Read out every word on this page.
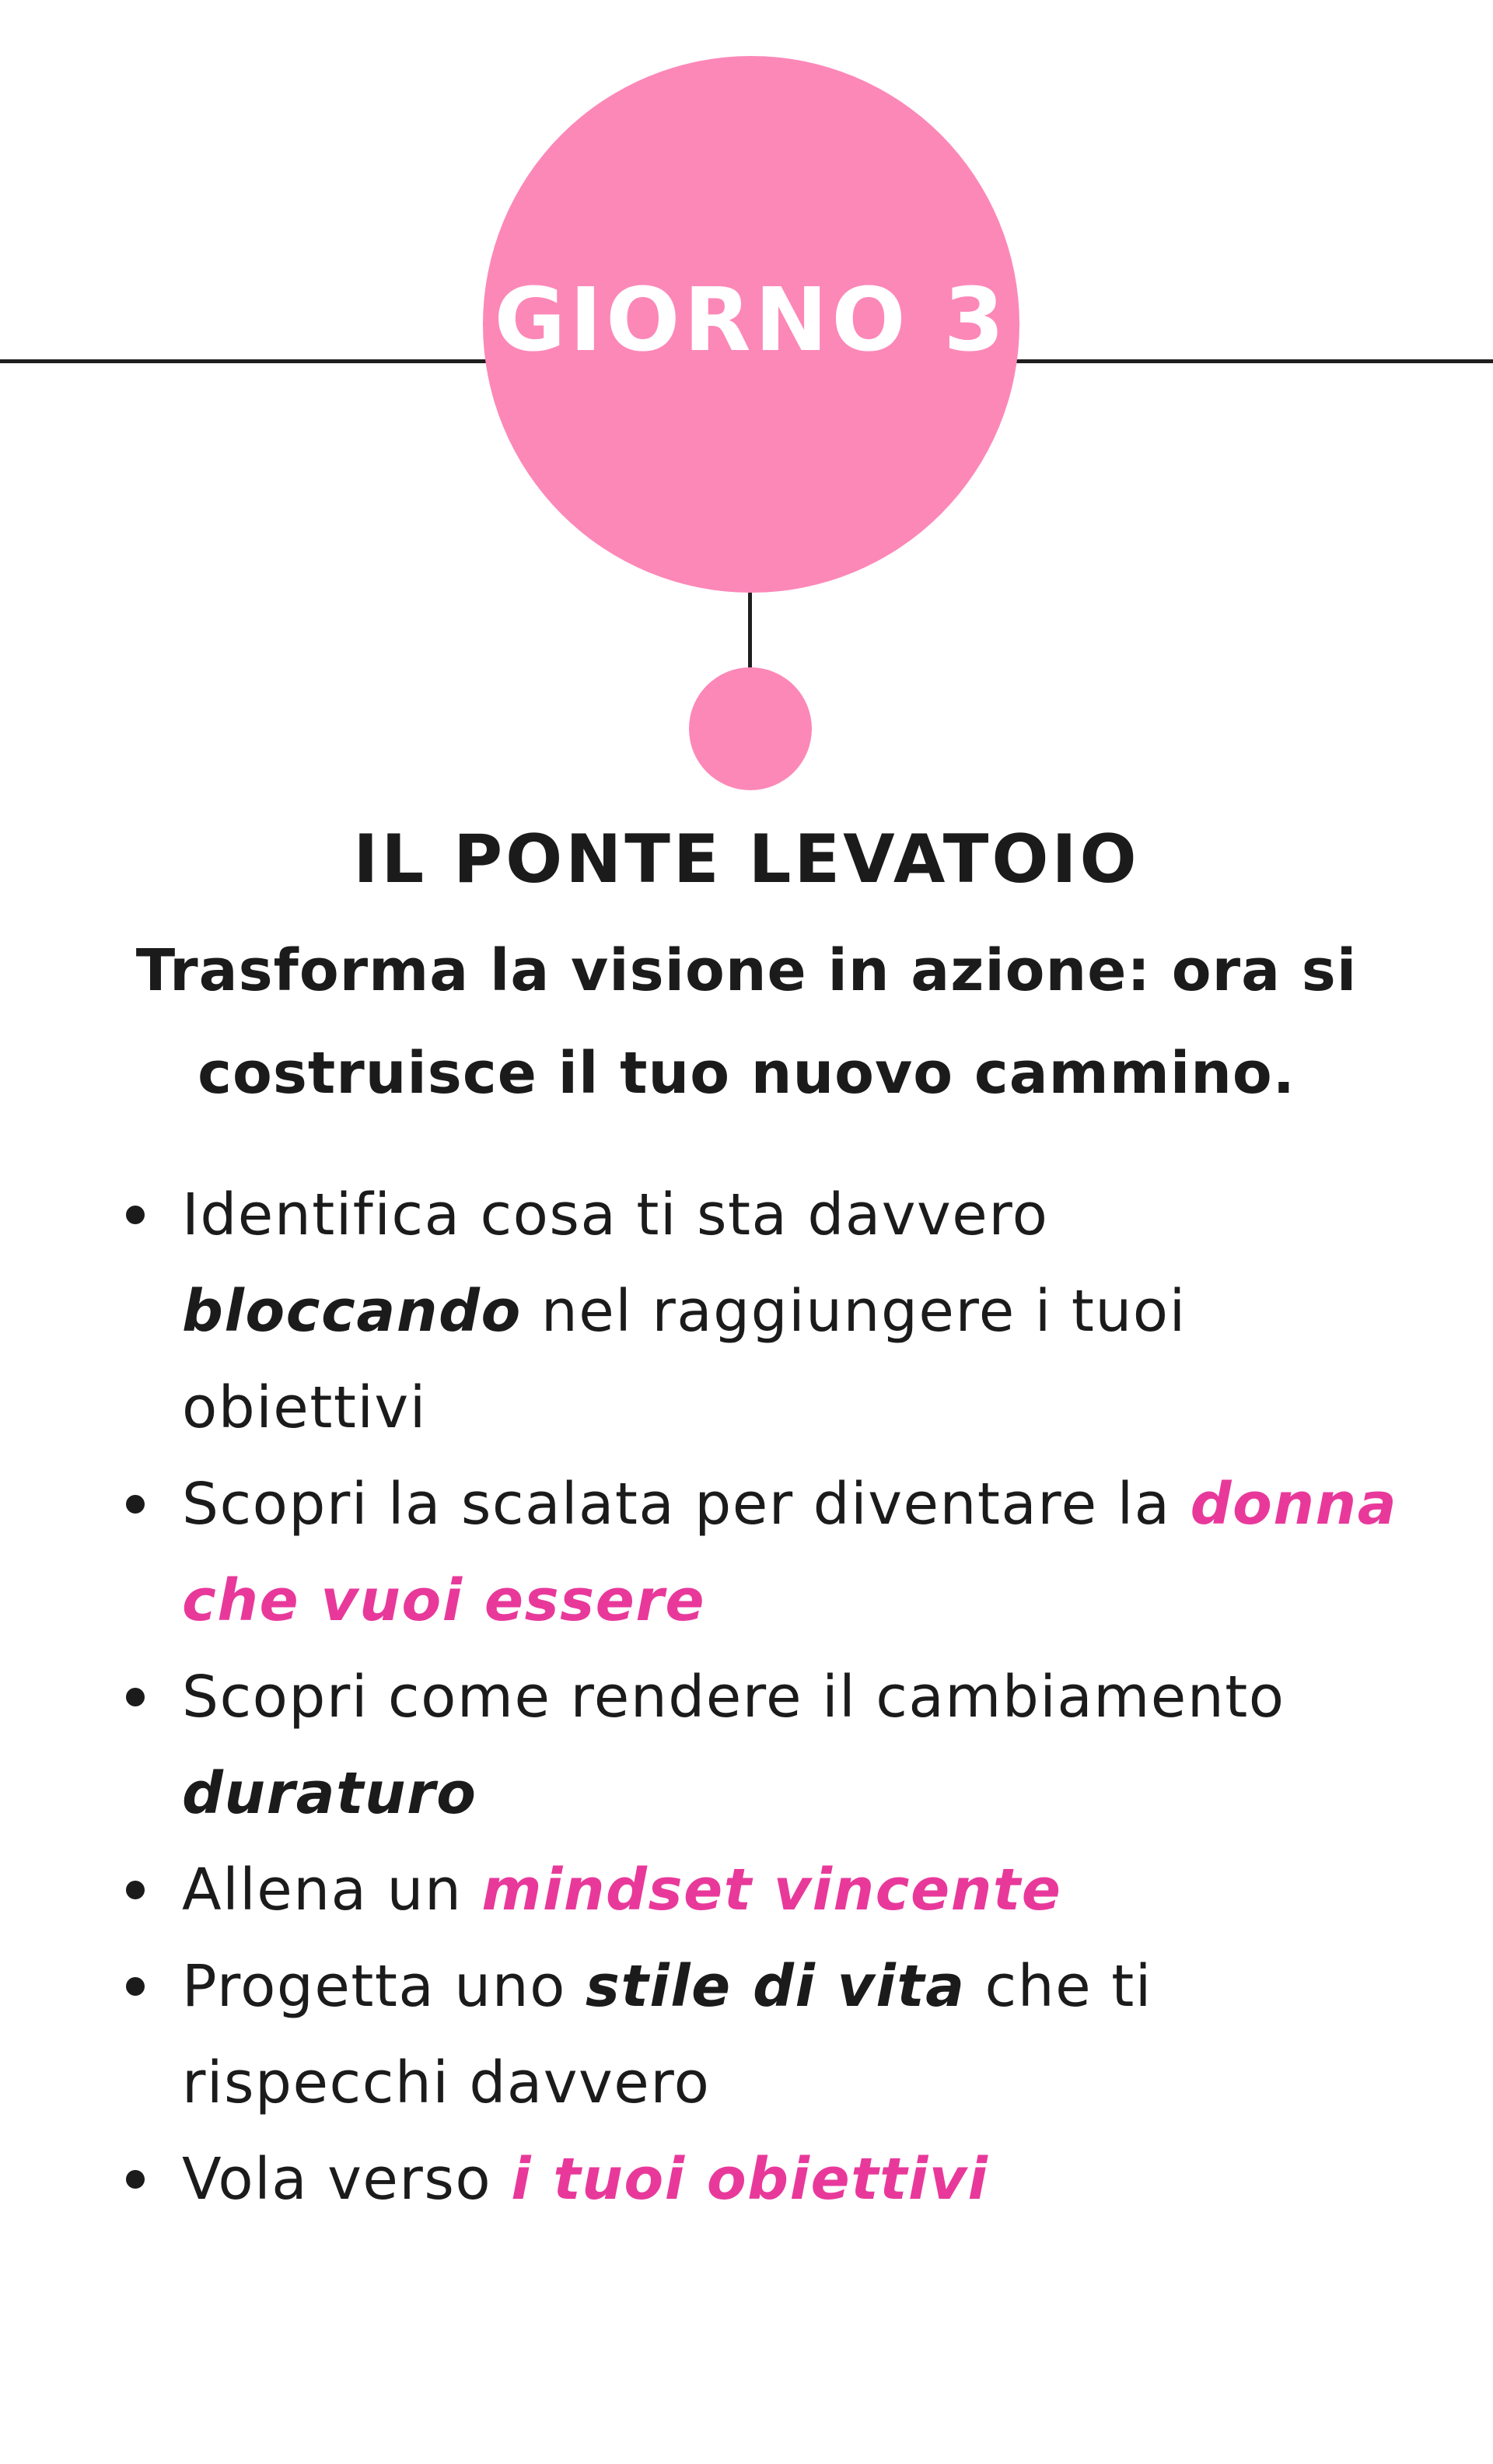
GIORNO 3
IL PONTE LEVATOIO
Trasforma la visione in azione: ora si costruisce il tuo nuovo cammino.
Identifica cosa ti sta davvero bloccando nel raggiungere i tuoi obiettivi
Scopri la scalata per diventare la donna che vuoi essere
Scopri come rendere il cambiamento duraturo
Allena un mindset vincente
Progetta uno stile di vita che ti rispecchi davvero
Vola verso i tuoi obiettivi
